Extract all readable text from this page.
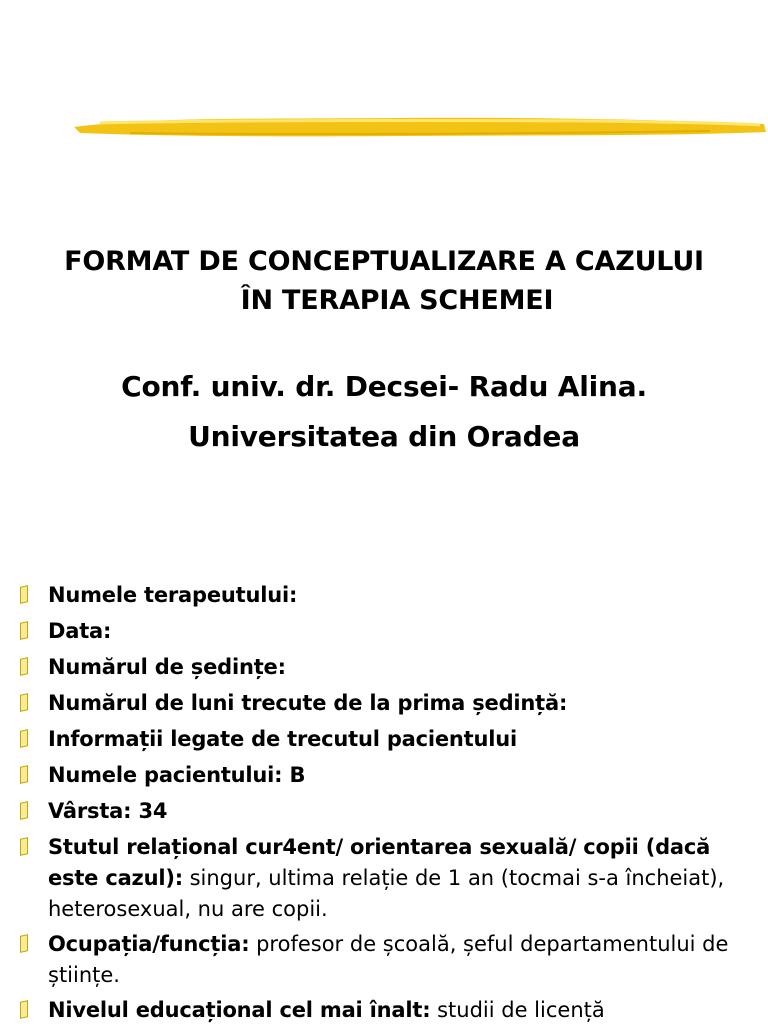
FORMAT DE CONCEPTUALIZARE A CAZULUI
ÎN TERAPIA SCHEMEI
Conf. univ. dr. Decsei- Radu Alina.
Universitatea din Oradea
Numele terapeutului:
Data:
Numărul de ședințe:
Numărul de luni trecute de la prima ședință:
Informații legate de trecutul pacientului
Numele pacientului: B
Vârsta: 34
Stutul relațional cur4ent/ orientarea sexuală/ copii (dacă este cazul): singur, ultima relație de 1 an (tocmai s-a încheiat), heterosexual, nu are copii.
Ocupația/funcția: profesor de școală, șeful departamentului de științe.
Nivelul educațional cel mai înalt: studii de licență
